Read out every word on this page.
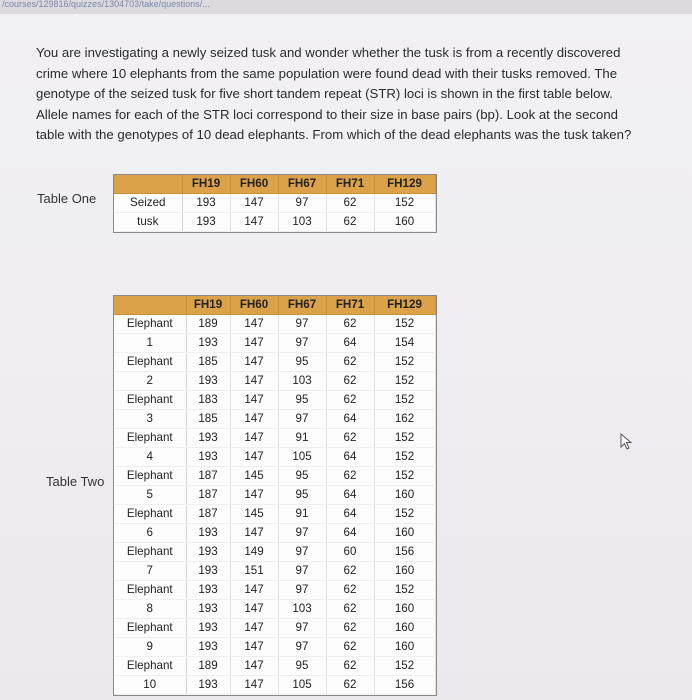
/courses/129816/quizzes/1304703/take/questions/...
You are investigating a newly seized tusk and wonder whether the tusk is from a recently discovered crime where 10 elephants from the same population were found dead with their tusks removed. The genotype of the seized tusk for five short tandem repeat (STR) loci is shown in the first table below. Allele names for each of the STR loci correspond to their size in base pairs (bp). Look at the second table with the genotypes of 10 dead elephants. From which of the dead elephants was the tusk taken?
Table One
	FH19	FH60	FH67	FH71	FH129
Seized	193	147	97	62	152
tusk	193	147	103	62	160
Table Two
	FH19	FH60	FH67	FH71	FH129
Elephant	189	147	97	62	152
1	193	147	97	64	154
Elephant	185	147	95	62	152
2	193	147	103	62	152
Elephant	183	147	95	62	152
3	185	147	97	64	162
Elephant	193	147	91	62	152
4	193	147	105	64	152
Elephant	187	145	95	62	152
5	187	147	95	64	160
Elephant	187	145	91	64	152
6	193	147	97	64	160
Elephant	193	149	97	60	156
7	193	151	97	62	160
Elephant	193	147	97	62	152
8	193	147	103	62	160
Elephant	193	147	97	62	160
9	193	147	97	62	160
Elephant	189	147	95	62	152
10	193	147	105	62	156
